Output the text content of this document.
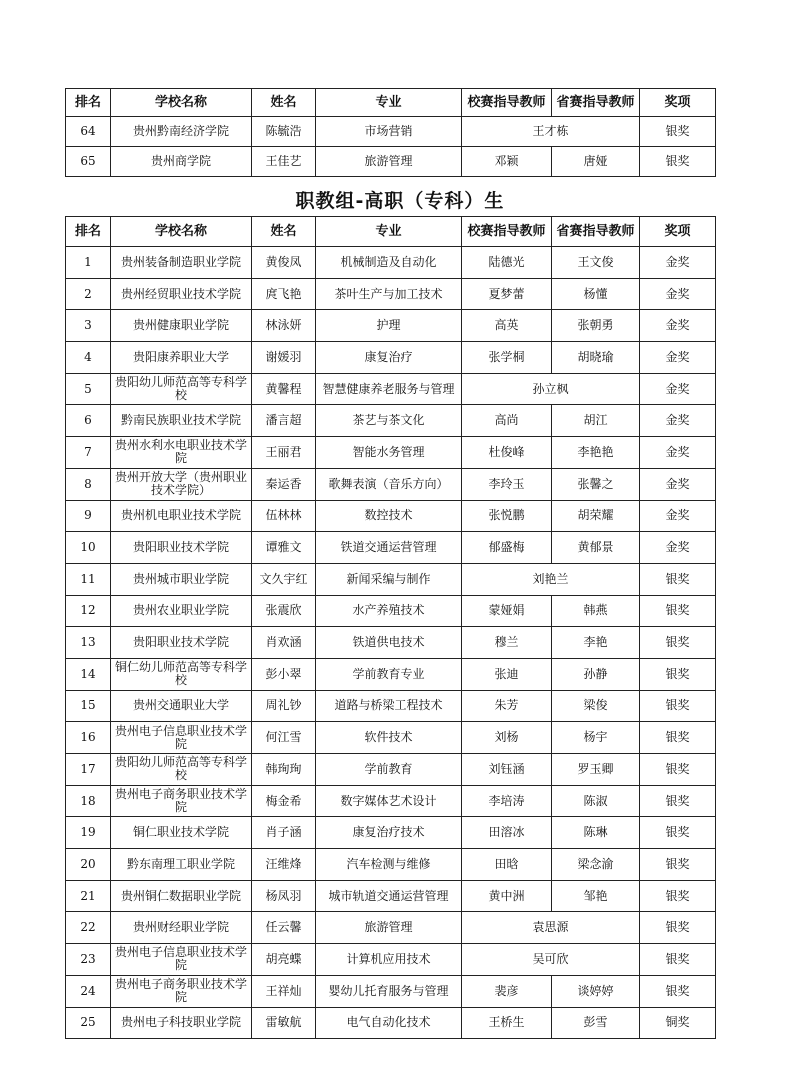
排名	学校名称	姓名	专业	校赛指导教师	省赛指导教师	奖项
64	贵州黔南经济学院	陈毓浩	市场营销	王才栋		银奖
65	贵州商学院	王佳艺	旅游管理	邓颖	唐娅	银奖
职教组-高职（专科）生
排名	学校名称	姓名	专业	校赛指导教师	省赛指导教师	奖项
1	贵州装备制造职业学院	黄俊凤	机械制造及自动化	陆德光	王文俊	金奖
2	贵州经贸职业技术学院	庹飞艳	茶叶生产与加工技术	夏梦蕾	杨懂	金奖
3	贵州健康职业学院	林泳妍	护理	高英	张朝勇	金奖
4	贵阳康养职业大学	谢媛羽	康复治疗	张学桐	胡晓瑜	金奖
5	贵阳幼儿师范高等专科学校	黄馨程	智慧健康养老服务与管理	孙立枫		金奖
6	黔南民族职业技术学院	潘言超	茶艺与茶文化	高尚	胡江	金奖
7	贵州水利水电职业技术学院	王丽君	智能水务管理	杜俊峰	李艳艳	金奖
8	贵州开放大学（贵州职业技术学院）	秦运香	歌舞表演（音乐方向）	李玲玉	张馨之	金奖
9	贵州机电职业技术学院	伍林林	数控技术	张悦鹏	胡荣耀	金奖
10	贵阳职业技术学院	谭雅文	铁道交通运营管理	郁盛梅	黄郁景	金奖
11	贵州城市职业学院	文久宇红	新闻采编与制作	刘艳兰		银奖
12	贵州农业职业学院	张震欣	水产养殖技术	蒙娅娟	韩燕	银奖
13	贵阳职业技术学院	肖欢涵	铁道供电技术	穆兰	李艳	银奖
14	铜仁幼儿师范高等专科学校	彭小翠	学前教育专业	张迪	孙静	银奖
15	贵州交通职业大学	周礼钞	道路与桥梁工程技术	朱芳	梁俊	银奖
16	贵州电子信息职业技术学院	何江雪	软件技术	刘杨	杨宇	银奖
17	贵阳幼儿师范高等专科学校	韩珣珣	学前教育	刘钰涵	罗玉卿	银奖
18	贵州电子商务职业技术学院	梅金希	数字媒体艺术设计	李培涛	陈淑	银奖
19	铜仁职业技术学院	肖子涵	康复治疗技术	田溶冰	陈琳	银奖
20	黔东南理工职业学院	汪维烽	汽车检测与维修	田晗	梁念渝	银奖
21	贵州铜仁数据职业学院	杨凤羽	城市轨道交通运营管理	黄中洲	邹艳	银奖
22	贵州财经职业学院	任云馨	旅游管理	袁思源		银奖
23	贵州电子信息职业技术学院	胡亮蝶	计算机应用技术	吴可欣		银奖
24	贵州电子商务职业技术学院	王祥灿	婴幼儿托育服务与管理	裴彦	谈婷婷	银奖
25	贵州电子科技职业学院	雷敏航	电气自动化技术	王桥生	彭雪	铜奖
